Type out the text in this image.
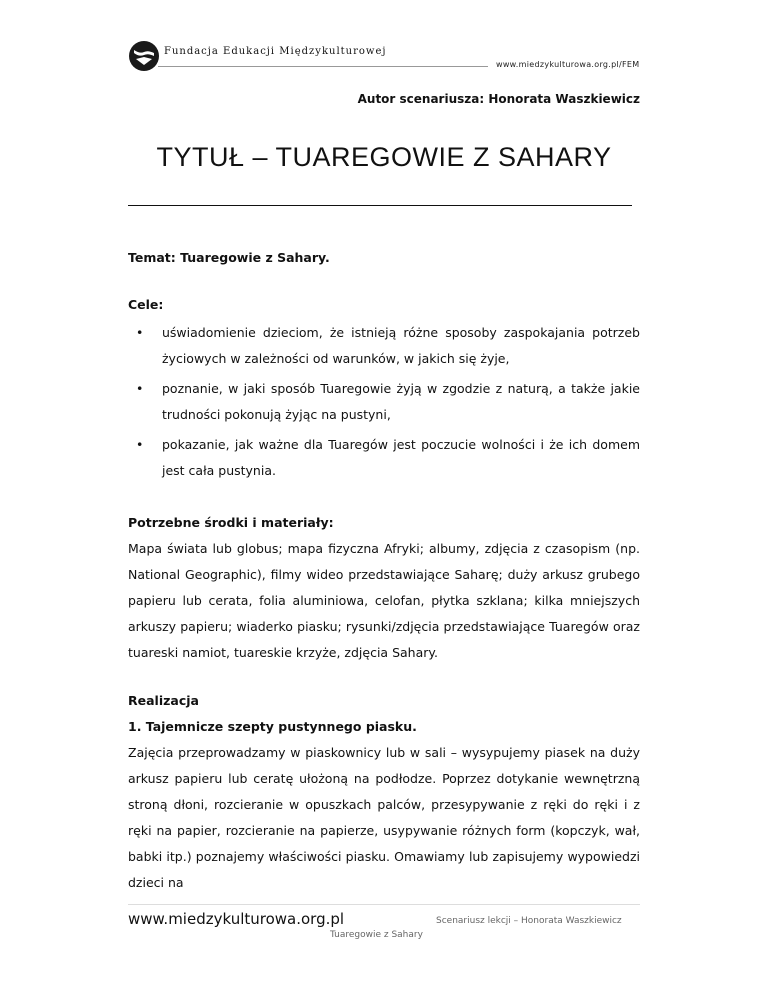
Fundacja Edukacji Międzykulturowej
www.miedzykulturowa.org.pl/FEM
Autor scenariusza: Honorata Waszkiewicz
TYTUŁ – TUAREGOWIE Z SAHARY

Temat: Tuaregowie z Sahary.

Cele:

• uświadomienie dzieciom, że istnieją różne sposoby zaspokajania potrzeb życiowych w zależności od warunków, w jakich się żyje,
• poznanie, w jaki sposób Tuaregowie żyją w zgodzie z naturą, a także jakie trudności pokonują żyjąc na pustyni,
• pokazanie, jak ważne dla Tuaregów jest poczucie wolności i że ich domem jest cała pustynia.

Potrzebne środki i materiały:

Mapa świata lub globus; mapa fizyczna Afryki; albumy, zdjęcia z czasopism (np. National Geographic), filmy wideo przedstawiające Saharę; duży arkusz grubego papieru lub cerata, folia aluminiowa, celofan, płytka szklana; kilka mniejszych arkuszy papieru; wiaderko piasku; rysunki/zdjęcia przedstawiające Tuaregów oraz tuareski namiot, tuareskie krzyże, zdjęcia Sahary.

Realizacja

1. Tajemnicze szepty pustynnego piasku.

Zajęcia przeprowadzamy w piaskownicy lub w sali – wysypujemy piasek na duży arkusz papieru lub ceratę ułożoną na podłodze. Poprzez dotykanie wewnętrzną stroną dłoni, rozcieranie w opuszkach palców, przesypywanie z ręki do ręki i z ręki na papier, rozcieranie na papierze, usypywanie różnych form (kopczyk, wał, babki itp.) poznajemy właściwości piasku. Omawiamy lub zapisujemy wypowiedzi dzieci na

www.miedzykulturowa.org.pl	Scenariusz lekcji – Honorata Waszkiewicz
Tuaregowie z Sahary
